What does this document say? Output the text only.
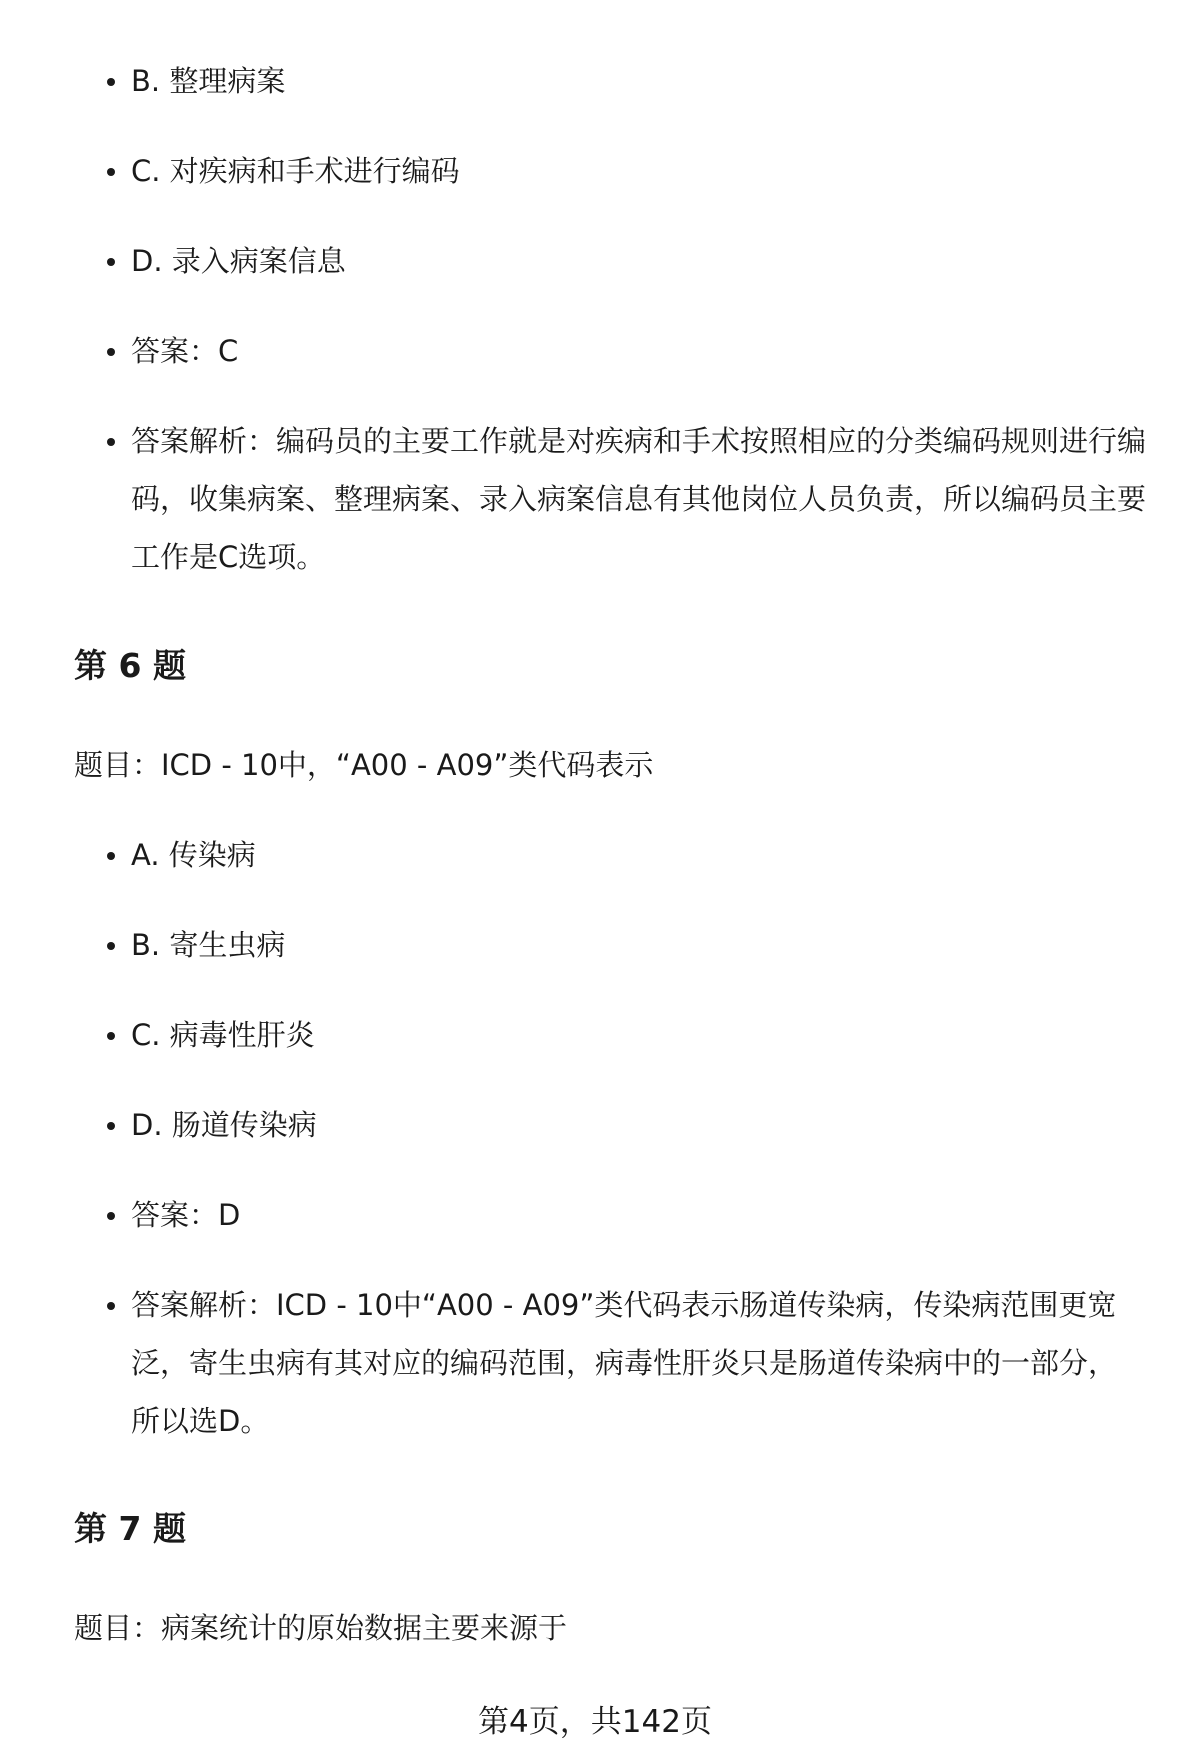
B. 整理病案
C. 对疾病和手术进行编码
D. 录入病案信息
答案：C
答案解析：编码员的主要工作就是对疾病和手术按照相应的分类编码规则进行编码，收集病案、整理病案、录入病案信息有其他岗位人员负责，所以编码员主要工作是C选项。
第 6 题

题目：ICD - 10中，“A00 - A09”类代码表示

A. 传染病
B. 寄生虫病
C. 病毒性肝炎
D. 肠道传染病
答案：D
答案解析：ICD - 10中“A00 - A09”类代码表示肠道传染病，传染病范围更宽泛，寄生虫病有其对应的编码范围，病毒性肝炎只是肠道传染病中的一部分，所以选D。
第 7 题

题目：病案统计的原始数据主要来源于

第4页，共142页
